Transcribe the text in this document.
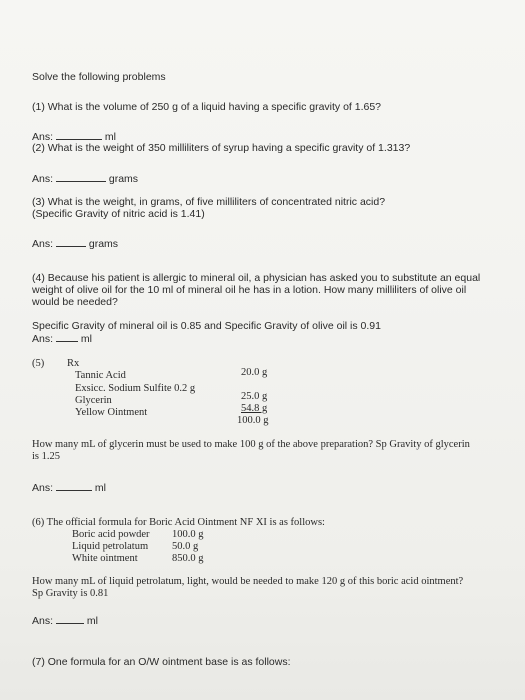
Solve the following problems
(1) What is the volume of 250 g of a liquid having a specific gravity of 1.65?
Ans:	ml
(2) What is the weight of 350 milliliters of syrup having a specific gravity of 1.313?
Ans:	grams
(3) What is the weight, in grams, of five milliliters of concentrated nitric acid?
(Specific Gravity of nitric acid is 1.41)
Ans:	grams
(4) Because his patient is allergic to mineral oil, a physician has asked you to substitute an equal
weight of olive oil for the 10 ml of mineral oil he has in a lotion. How many milliliters of olive oil
would be needed?
Specific Gravity of mineral oil is 0.85 and Specific Gravity of olive oil is 0.91
Ans:	ml
(5) Rx
Tannic Acid	20.0 g
Exsicc. Sodium Sulfite 0.2 g
Glycerin	25.0 g
Yellow Ointment	54.8 g
100.0 g
How many mL of glycerin must be used to make 100 g of the above preparation? Sp Gravity of glycerin
is 1.25
Ans:	ml
(6) The official formula for Boric Acid Ointment NF XI is as follows:
Boric acid powder 100.0 g
Liquid petrolatum 50.0 g
White ointment	850.0 g
How many mL of liquid petrolatum, light, would be needed to make 120 g of this boric acid ointment?
Sp Gravity is 0.81
Ans:	ml
(7) One formula for an O/W ointment base is as follows:
